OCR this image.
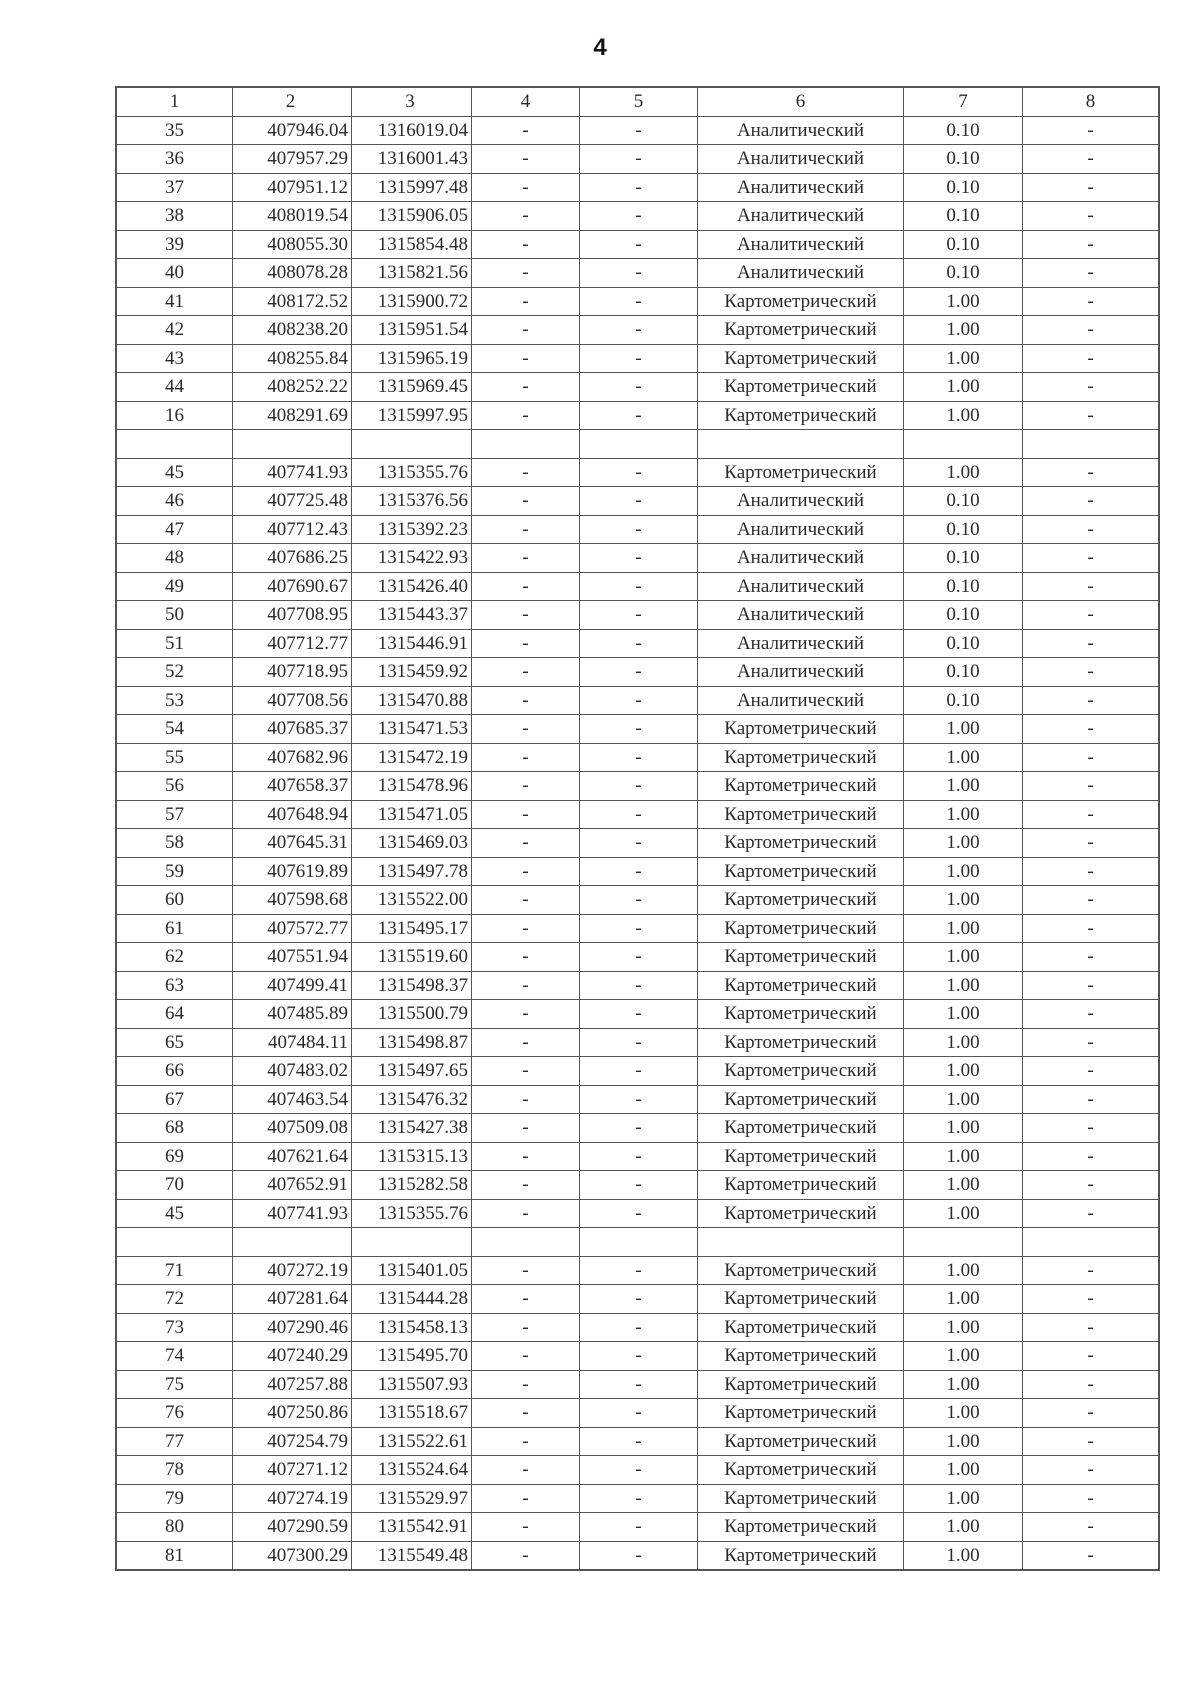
4
1	2	3	4	5	6	7	8
35	407946.04	1316019.04	-	-	Аналитический	0.10	-
36	407957.29	1316001.43	-	-	Аналитический	0.10	-
37	407951.12	1315997.48	-	-	Аналитический	0.10	-
38	408019.54	1315906.05	-	-	Аналитический	0.10	-
39	408055.30	1315854.48	-	-	Аналитический	0.10	-
40	408078.28	1315821.56	-	-	Аналитический	0.10	-
41	408172.52	1315900.72	-	-	Картометрический	1.00	-
42	408238.20	1315951.54	-	-	Картометрический	1.00	-
43	408255.84	1315965.19	-	-	Картометрический	1.00	-
44	408252.22	1315969.45	-	-	Картометрический	1.00	-
16	408291.69	1315997.95	-	-	Картометрический	1.00	-

45	407741.93	1315355.76	-	-	Картометрический	1.00	-
46	407725.48	1315376.56	-	-	Аналитический	0.10	-
47	407712.43	1315392.23	-	-	Аналитический	0.10	-
48	407686.25	1315422.93	-	-	Аналитический	0.10	-
49	407690.67	1315426.40	-	-	Аналитический	0.10	-
50	407708.95	1315443.37	-	-	Аналитический	0.10	-
51	407712.77	1315446.91	-	-	Аналитический	0.10	-
52	407718.95	1315459.92	-	-	Аналитический	0.10	-
53	407708.56	1315470.88	-	-	Аналитический	0.10	-
54	407685.37	1315471.53	-	-	Картометрический	1.00	-
55	407682.96	1315472.19	-	-	Картометрический	1.00	-
56	407658.37	1315478.96	-	-	Картометрический	1.00	-
57	407648.94	1315471.05	-	-	Картометрический	1.00	-
58	407645.31	1315469.03	-	-	Картометрический	1.00	-
59	407619.89	1315497.78	-	-	Картометрический	1.00	-
60	407598.68	1315522.00	-	-	Картометрический	1.00	-
61	407572.77	1315495.17	-	-	Картометрический	1.00	-
62	407551.94	1315519.60	-	-	Картометрический	1.00	-
63	407499.41	1315498.37	-	-	Картометрический	1.00	-
64	407485.89	1315500.79	-	-	Картометрический	1.00	-
65	407484.11	1315498.87	-	-	Картометрический	1.00	-
66	407483.02	1315497.65	-	-	Картометрический	1.00	-
67	407463.54	1315476.32	-	-	Картометрический	1.00	-
68	407509.08	1315427.38	-	-	Картометрический	1.00	-
69	407621.64	1315315.13	-	-	Картометрический	1.00	-
70	407652.91	1315282.58	-	-	Картометрический	1.00	-
45	407741.93	1315355.76	-	-	Картометрический	1.00	-

71	407272.19	1315401.05	-	-	Картометрический	1.00	-
72	407281.64	1315444.28	-	-	Картометрический	1.00	-
73	407290.46	1315458.13	-	-	Картометрический	1.00	-
74	407240.29	1315495.70	-	-	Картометрический	1.00	-
75	407257.88	1315507.93	-	-	Картометрический	1.00	-
76	407250.86	1315518.67	-	-	Картометрический	1.00	-
77	407254.79	1315522.61	-	-	Картометрический	1.00	-
78	407271.12	1315524.64	-	-	Картометрический	1.00	-
79	407274.19	1315529.97	-	-	Картометрический	1.00	-
80	407290.59	1315542.91	-	-	Картометрический	1.00	-
81	407300.29	1315549.48	-	-	Картометрический	1.00	-
